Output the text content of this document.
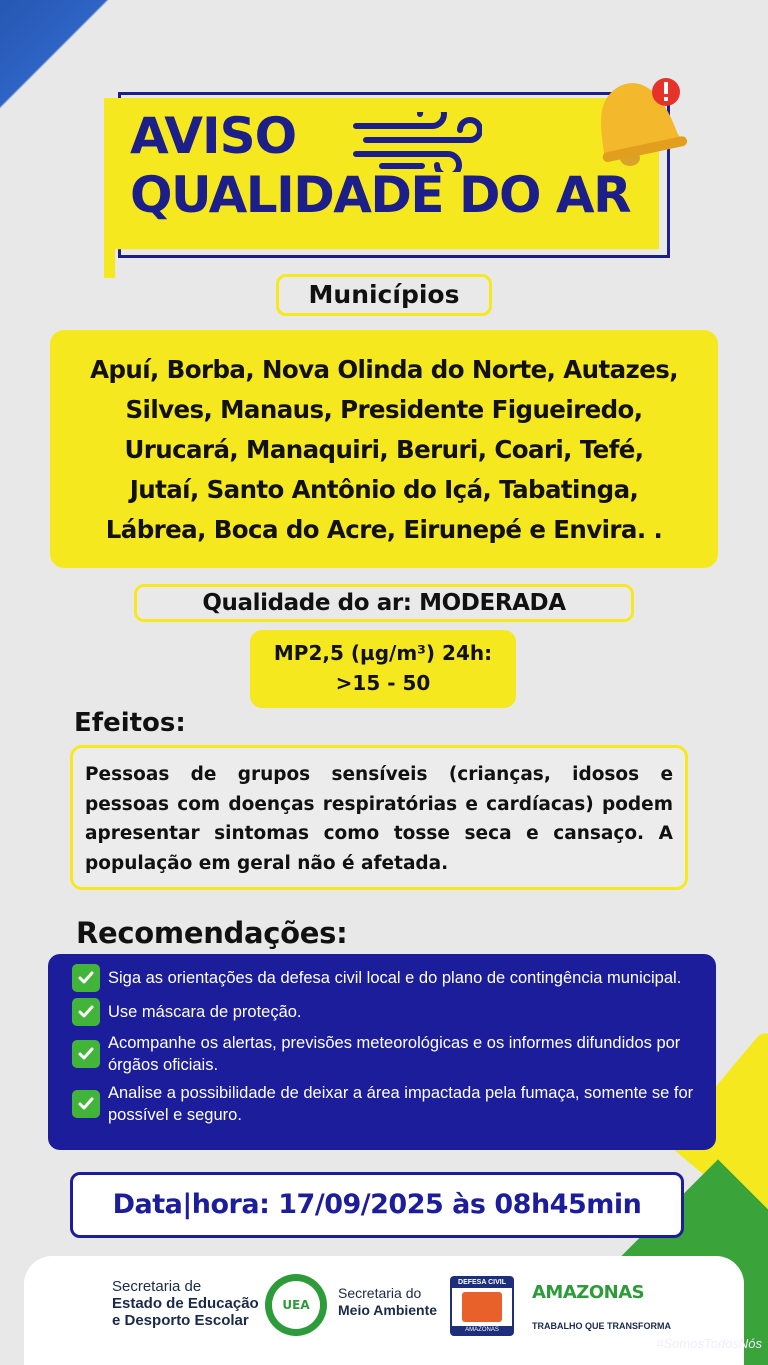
AVISO
QUALIDADE DO AR
Municípios
Apuí, Borba, Nova Olinda do Norte, Autazes,
Silves, Manaus, Presidente Figueiredo,
Urucará, Manaquiri, Beruri, Coari, Tefé,
Jutaí, Santo Antônio do Içá, Tabatinga,
Lábrea, Boca do Acre, Eirunepé e Envira. .
Qualidade do ar: MODERADA
MP2,5 (µg/m³) 24h:
>15 - 50
Efeitos:
Pessoas de grupos sensíveis (crianças, idosos e pessoas com doenças respiratórias e cardíacas) podem apresentar sintomas como tosse seca e cansaço. A população em geral não é afetada.
Recomendações:
Siga as orientações da defesa civil local e do plano de contingência municipal.
Use máscara de proteção.
Acompanhe os alertas, previsões meteorológicas e os informes difundidos por órgãos oficiais.
Analise a possibilidade de deixar a área impactada pela fumaça, somente se for possível e seguro.
Data|hora: 17/09/2025 às 08h45min
Secretaria de
Estado de Educação
e Desporto Escolar
UEA
Secretaria do
Meio Ambiente
DEFESA CIVIL
AMAZONAS
AMAZONAS
TRABALHO QUE TRANSFORMA
#SomosTodosNós
